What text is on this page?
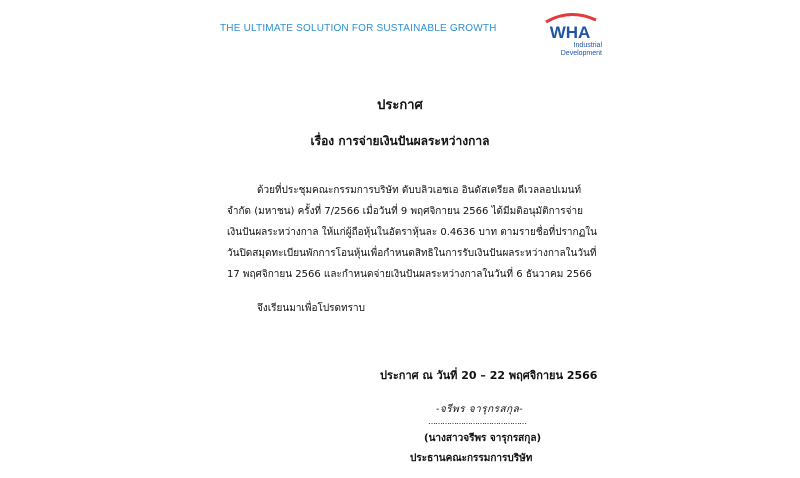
THE ULTIMATE SOLUTION FOR SUSTAINABLE GROWTH	WHA
Industrial
Development
ประกาศ
เรื่อง การจ่ายเงินปันผลระหว่างกาล
ด้วยที่ประชุมคณะกรรมการบริษัท ดับบลิวเอชเอ อินดัสเตรียล ดีเวลลอปเมนท์
จำกัด (มหาชน) ครั้งที่ 7/2566 เมื่อวันที่ 9 พฤศจิกายน 2566 ได้มีมติอนุมัติการจ่าย
เงินปันผลระหว่างกาล ให้แก่ผู้ถือหุ้นในอัตราหุ้นละ 0.4636 บาท ตามรายชื่อที่ปรากฏใน
วันปิดสมุดทะเบียนพักการโอนหุ้นเพื่อกำหนดสิทธิในการรับเงินปันผลระหว่างกาลในวันที่
17 พฤศจิกายน 2566 และกำหนดจ่ายเงินปันผลระหว่างกาลในวันที่ 6 ธันวาคม 2566
จึงเรียนมาเพื่อโปรดทราบ
ประกาศ ณ วันที่ 20 – 22 พฤศจิกายน 2566
-จรีพร จารุกรสกุล-
……………………………………
(นางสาวจรีพร จารุกรสกุล)
ประธานคณะกรรมการบริษัท
